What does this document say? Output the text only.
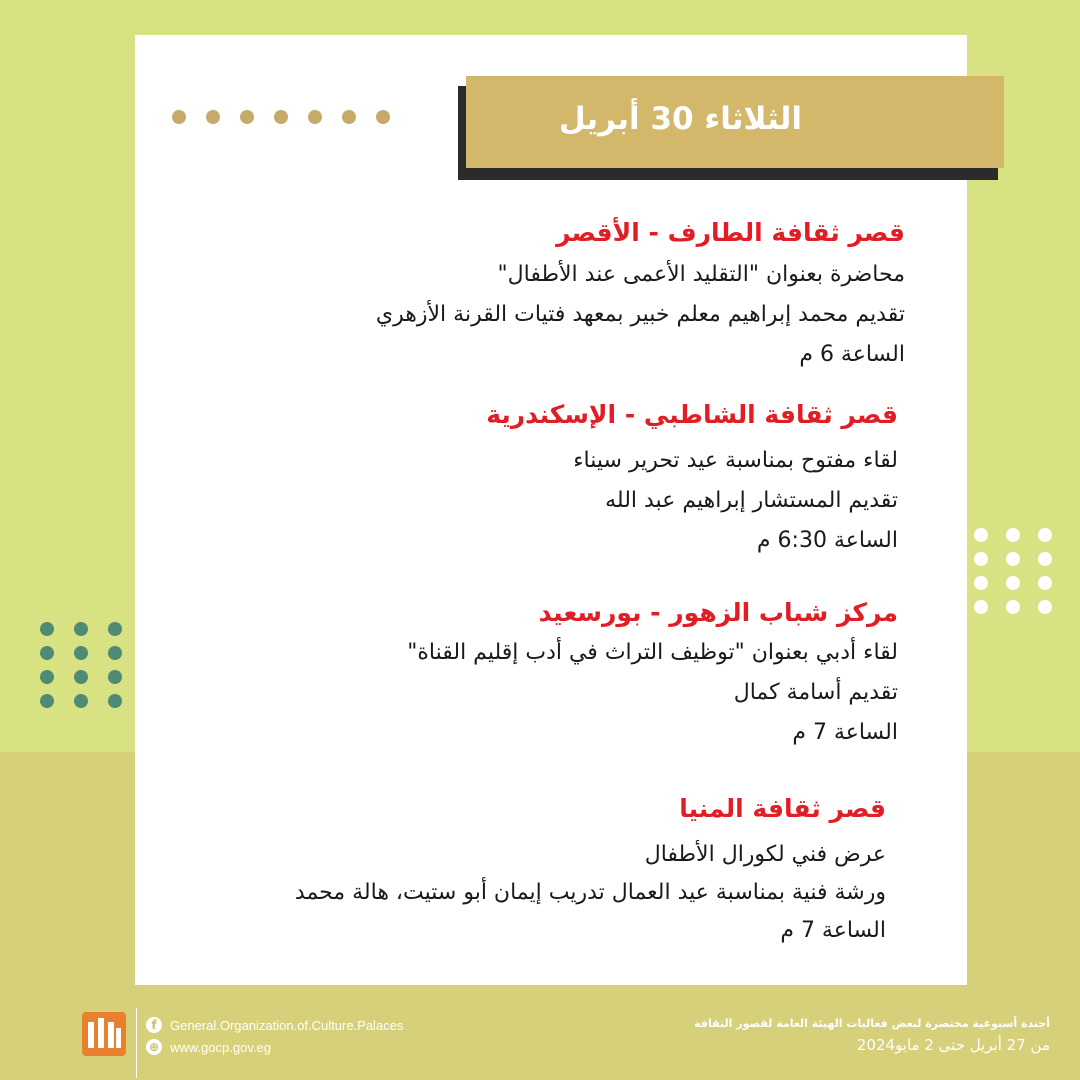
الثلاثاء 30 أبريل
قصر ثقافة الطارف - الأقصر
محاضرة بعنوان "التقليد الأعمى عند الأطفال"
تقديم محمد إبراهيم معلم خبير بمعهد فتيات القرنة الأزهري
الساعة 6 م
قصر ثقافة الشاطبي - الإسكندرية
لقاء مفتوح بمناسبة عيد تحرير سيناء
تقديم المستشار إبراهيم عبد الله
الساعة 6:30 م
مركز شباب الزهور - بورسعيد
لقاء أدبي بعنوان "توظيف التراث في أدب إقليم القناة"
تقديم أسامة كمال
الساعة 7 م
قصر ثقافة المنيا
عرض فني لكورال الأطفال
ورشة فنية بمناسبة عيد العمال تدريب إيمان أبو ستيت، هالة محمد
الساعة 7 م
f	General.Organization.of.Culture.Palaces
⊕ www.gocp.gov.eg
أجندة أسبوعية مختصرة لبعض فعاليات الهيئة العامة لقصور الثقافة
من 27 أبريل حتى 2 مايو2024
